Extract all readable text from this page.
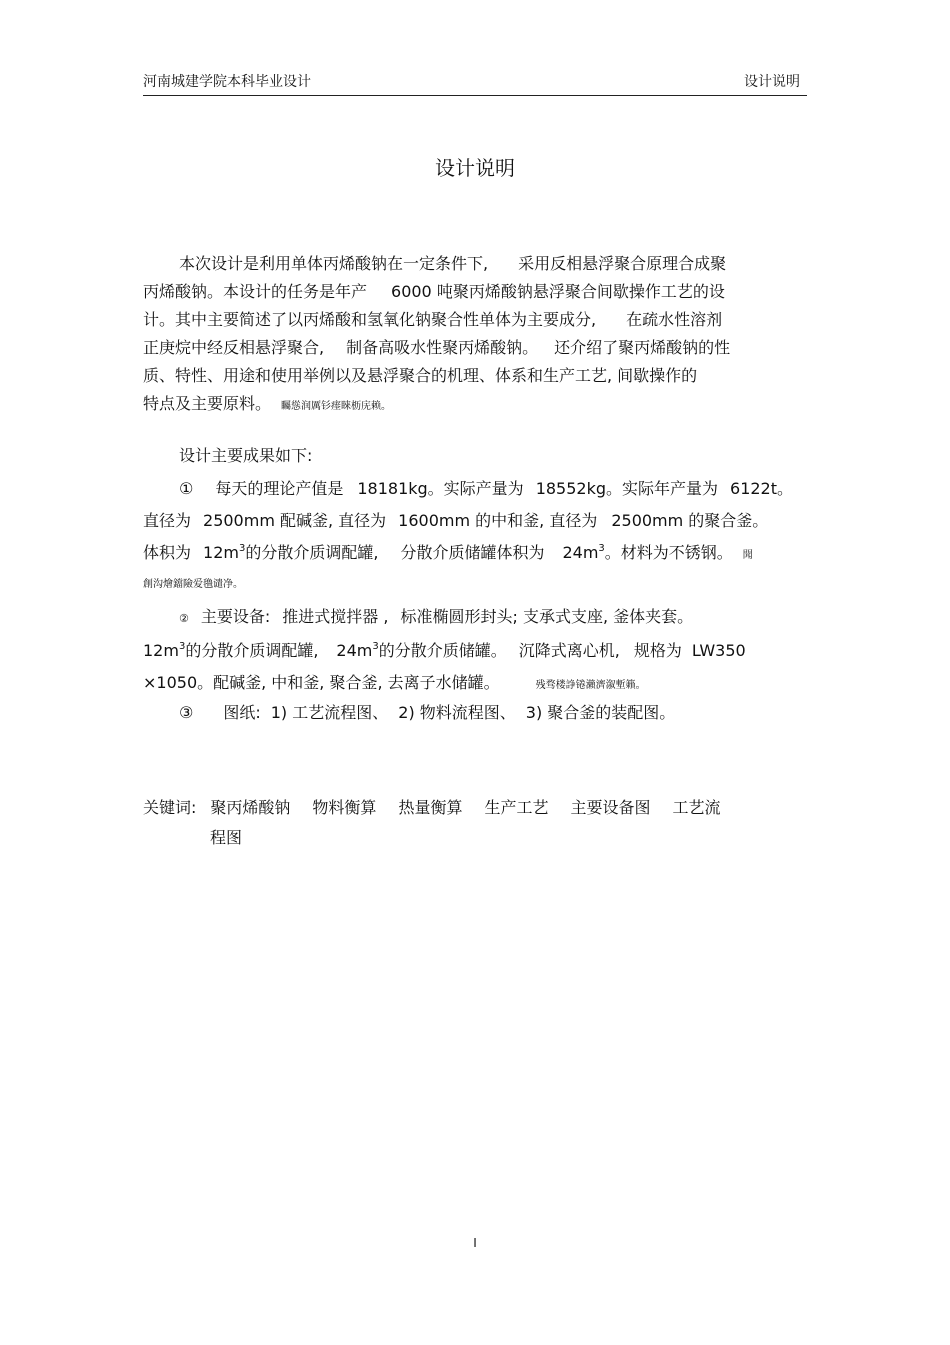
河南城建学院本科毕业设计	设计说明
设计说明
本次设计是利用单体丙烯酸钠在一定条件下, 采用反相悬浮聚合原理合成聚
丙烯酸钠。本设计的任务是年产 6000 吨聚丙烯酸钠悬浮聚合间歇操作工艺的设
计。其中主要简述了以丙烯酸和氢氧化钠聚合性单体为主要成分, 在疏水性溶剂
正庚烷中经反相悬浮聚合, 制备高吸水性聚丙烯酸钠。 还介绍了聚丙烯酸钠的性
质、特性、用途和使用举例以及悬浮聚合的机理、体系和生产工艺, 间歇操作的
特点及主要原料。 矚慫润厲钐瘗睞枥庑赖。
设计主要成果如下:
① 每天的理论产值是 18181kg。实际产量为 18552kg。实际年产量为 6122t。
直径为 2500mm 配碱釜, 直径为 1600mm 的中和釜, 直径为 2500mm 的聚合釜。
体积为 $12m^3$的分散介质调配罐, 分散介质储罐体积为 $24m^3$。材料为不锈钢。 聞
創沟燴鐺險爱氇谴净。
② 主要设备: 推进式搅拌器 , 标准椭圆形封头; 支承式支座, 釜体夹套。
$12m^3$的分散介质调配罐, $24m^3$的分散介质储罐。 沉降式离心机, 规格为 LW350
×1050。配碱釜, 中和釜, 聚合釜, 去离子水储罐。	残骛楼諍锩瀨濟溆塹籟。
③ 图纸: 1) 工艺流程图、 2) 物料流程图、 3) 聚合釜的装配图。
关键词: 聚丙烯酸钠 物料衡算 热量衡算 生产工艺 主要设备图 工艺流
程图
I
